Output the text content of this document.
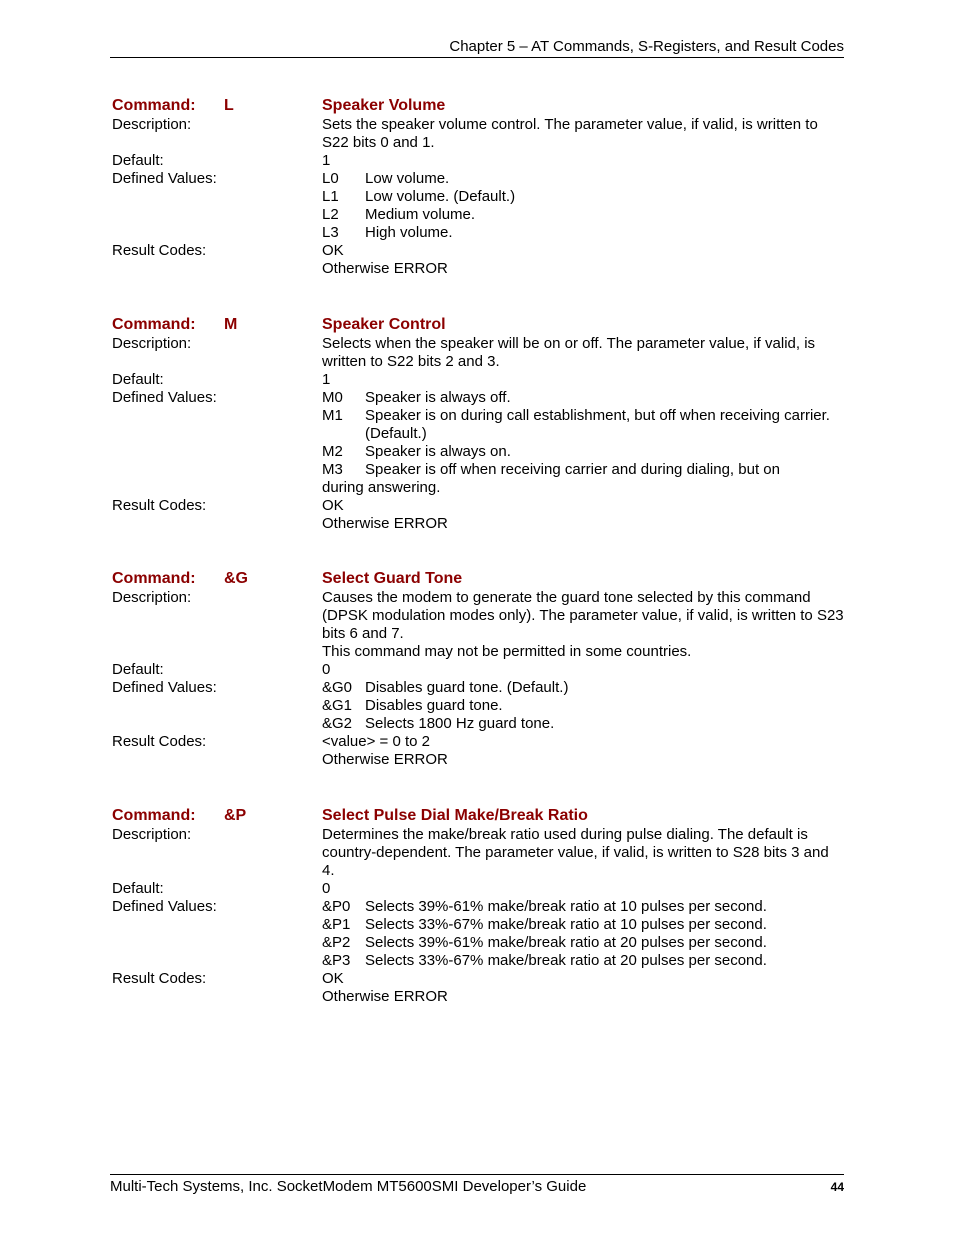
Chapter 5 – AT Commands, S-Registers, and Result Codes
Command:	L	Speaker Volume
Description:	Sets the speaker volume control. The parameter value, if valid, is written to S22 bits 0 and 1.
Default:	1
Defined Values:	L0	Low volume.
L1	Low volume. (Default.)
L2	Medium volume.
L3	High volume.
Result Codes:	OK
Otherwise ERROR
Command:	M	Speaker Control
Description:	Selects when the speaker will be on or off. The parameter value, if valid, is written to S22 bits 2 and 3.
Default:	1
Defined Values:	M0	Speaker is always off.
M1	Speaker is on during call establishment, but off when receiving carrier. (Default.)
M2	Speaker is always on.
M3	Speaker is off when receiving carrier and during dialing, but on
during answering.
Result Codes:	OK
Otherwise ERROR
Command:	&G	Select Guard Tone
Description:	Causes the modem to generate the guard tone selected by this command (DPSK modulation modes only). The parameter value, if valid, is written to S23 bits 6 and 7.
This command may not be permitted in some countries.
Default:	0
Defined Values:	&G0 Disables guard tone. (Default.)
&G1 Disables guard tone.
&G2 Selects 1800 Hz guard tone.
Result Codes:	<value> = 0 to 2
Otherwise ERROR
Command:	&P	Select Pulse Dial Make/Break Ratio
Description:	Determines the make/break ratio used during pulse dialing. The default is country-dependent. The parameter value, if valid, is written to S28 bits 3 and 4.
Default:	0
Defined Values:	&P0 Selects 39%-61% make/break ratio at 10 pulses per second.
&P1 Selects 33%-67% make/break ratio at 10 pulses per second.
&P2 Selects 39%-61% make/break ratio at 20 pulses per second.
&P3 Selects 33%-67% make/break ratio at 20 pulses per second.
Result Codes:	OK
Otherwise ERROR
Multi-Tech Systems, Inc. SocketModem MT5600SMI Developer’s Guide	44
